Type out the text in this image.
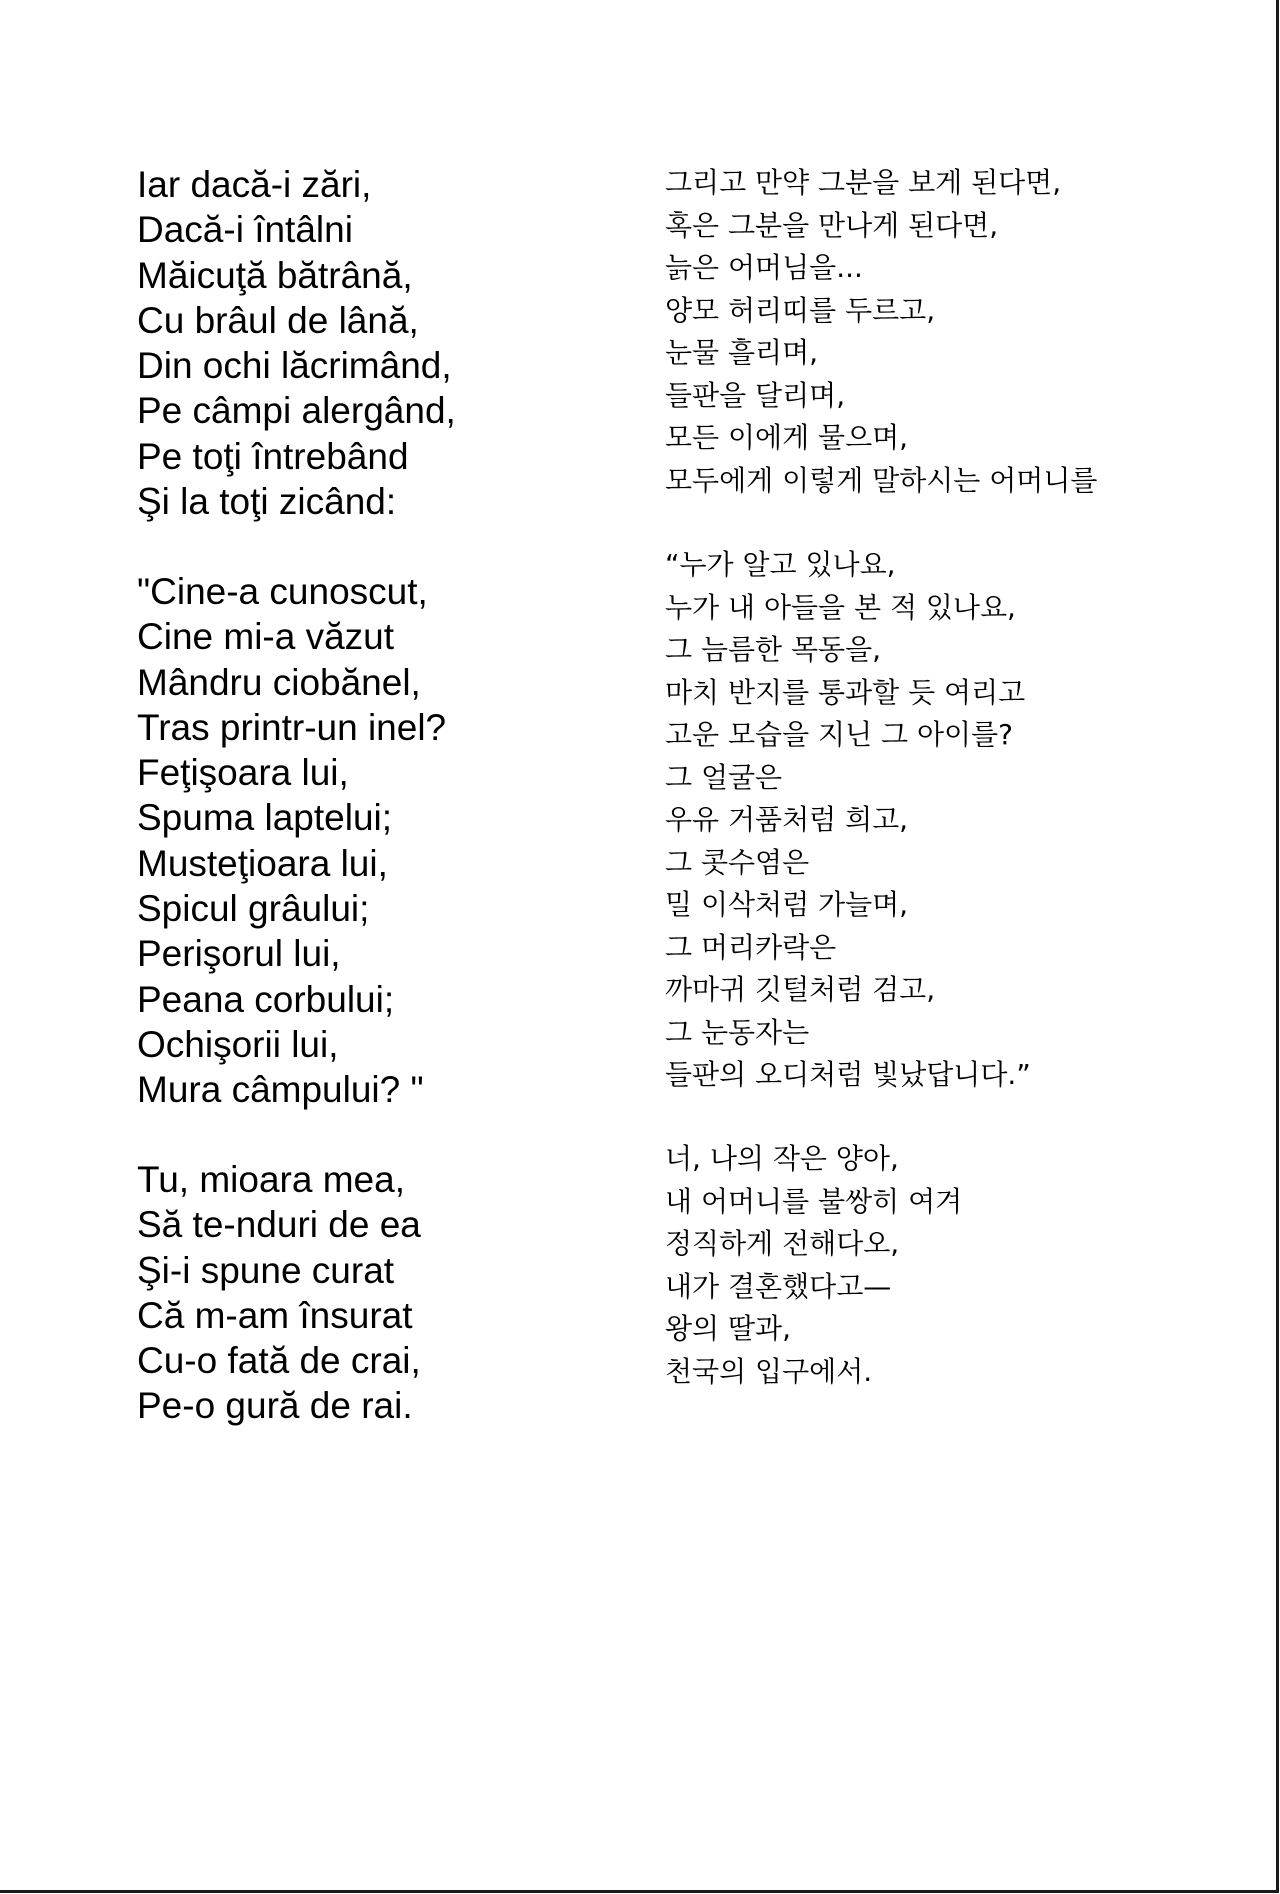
Iar dacă-i zări,
Dacă-i întâlni
Măicuţă bătrână,
Cu brâul de lână,
Din ochi lăcrimând,
Pe câmpi alergând,
Pe toţi întrebând
Şi la toţi zicând:
"Cine-a cunoscut,
Cine mi-a văzut
Mândru ciobănel,
Tras printr-un inel?
Feţişoara lui,
Spuma laptelui;
Musteţioara lui,
Spicul grâului;
Perişorul lui,
Peana corbului;
Ochişorii lui,
Mura câmpului? "
Tu, mioara mea,
Să te-nduri de ea
Şi-i spune curat
Că m-am însurat
Cu-o fată de crai,
Pe-o gură de rai.
그리고 만약 그분을 보게 된다면,
혹은 그분을 만나게 된다면,
늙은 어머님을...
양모 허리띠를 두르고,
눈물 흘리며,
들판을 달리며,
모든 이에게 물으며,
모두에게 이렇게 말하시는 어머니를
“누가 알고 있나요,
누가 내 아들을 본 적 있나요,
그 늠름한 목동을,
마치 반지를 통과할 듯 여리고
고운 모습을 지닌 그 아이를?
그 얼굴은
우유 거품처럼 희고,
그 콧수염은
밀 이삭처럼 가늘며,
그 머리카락은
까마귀 깃털처럼 검고,
그 눈동자는
들판의 오디처럼 빛났답니다.”
너, 나의 작은 양아,
내 어머니를 불쌍히 여겨
정직하게 전해다오,
내가 결혼했다고—
왕의 딸과,
천국의 입구에서.
